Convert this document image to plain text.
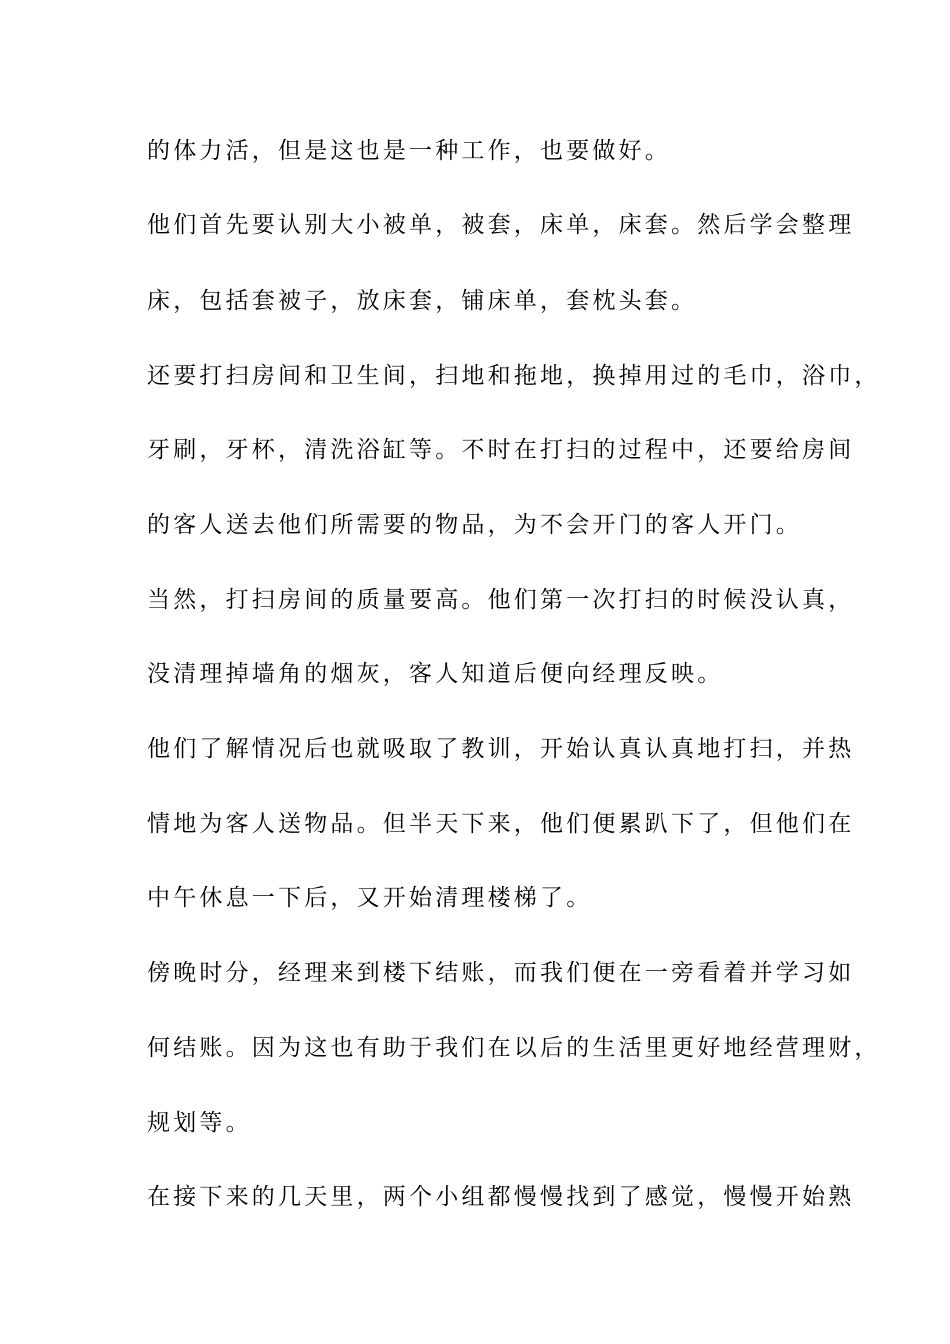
的体力活，但是这也是一种工作，也要做好。
他们首先要认别大小被单，被套，床单，床套。然后学会整理
床，包括套被子，放床套，铺床单，套枕头套。
还要打扫房间和卫生间，扫地和拖地，换掉用过的毛巾，浴巾，
牙刷，牙杯，清洗浴缸等。不时在打扫的过程中，还要给房间
的客人送去他们所需要的物品，为不会开门的客人开门。
当然，打扫房间的质量要高。他们第一次打扫的时候没认真，
没清理掉墙角的烟灰，客人知道后便向经理反映。
他们了解情况后也就吸取了教训，开始认真认真地打扫，并热
情地为客人送物品。但半天下来，他们便累趴下了，但他们在
中午休息一下后，又开始清理楼梯了。
傍晚时分，经理来到楼下结账，而我们便在一旁看着并学习如
何结账。因为这也有助于我们在以后的生活里更好地经营理财，
规划等。
在接下来的几天里，两个小组都慢慢找到了感觉，慢慢开始熟
